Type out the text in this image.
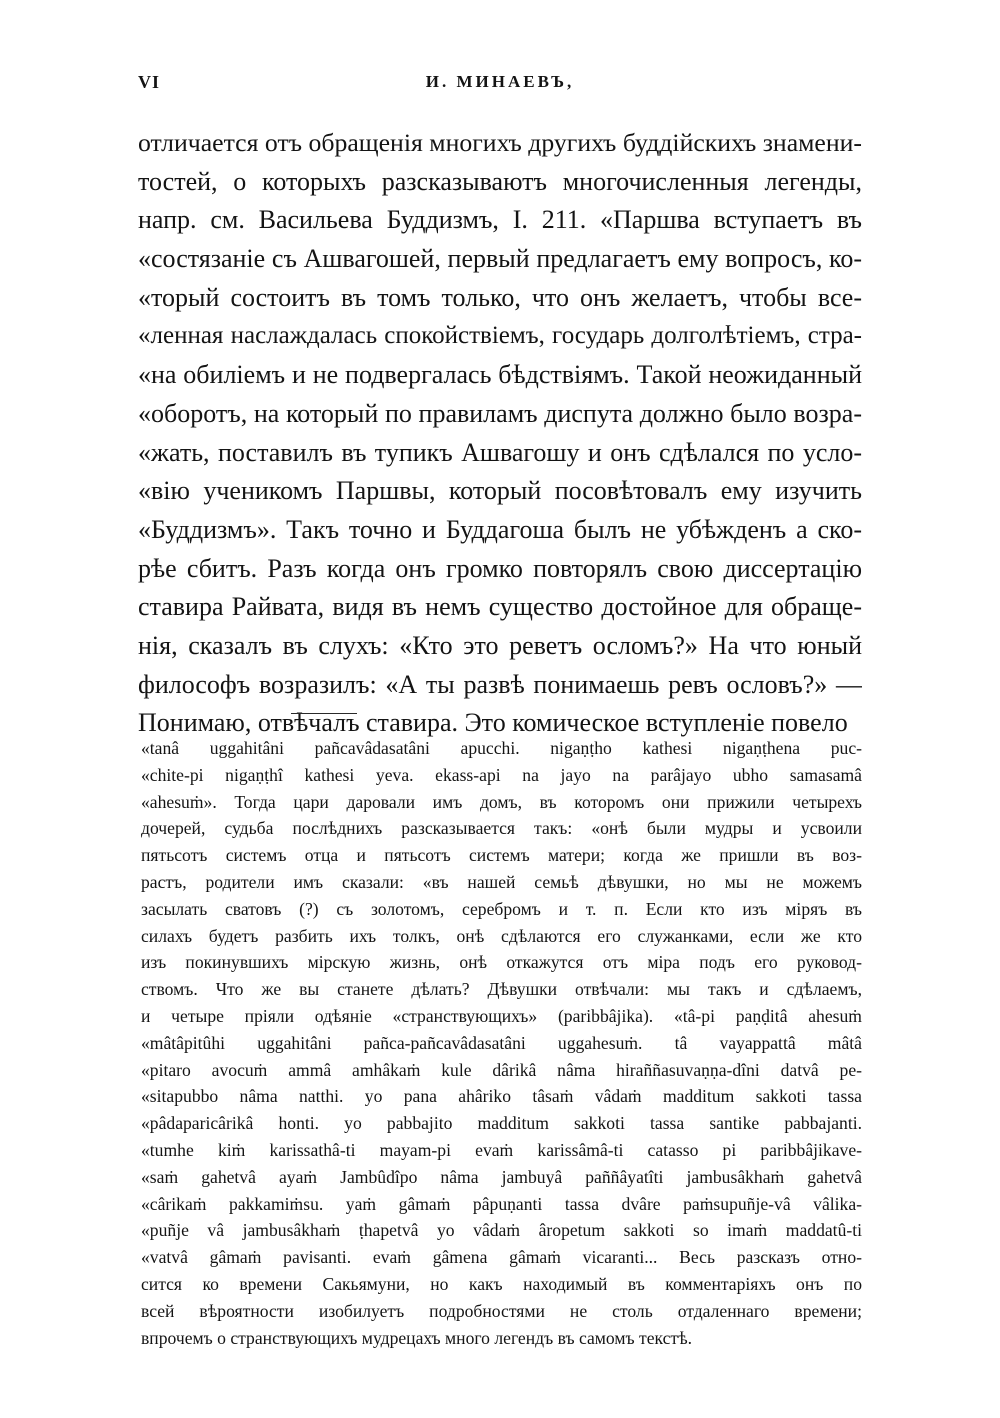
VI	И. МИНАЕВЪ,
отличается отъ обращенія многихъ другихъ буддійскихъ знамени-
тостей, о которыхъ разсказываютъ многочисленныя легенды,
напр. см. Васильева Буддизмъ, I. 211. «Паршва вступаетъ въ
«состязаніе съ Ашвагошей, первый предлагаетъ ему вопросъ, ко-
«торый состоитъ въ томъ только, что онъ желаетъ, чтобы все-
«ленная наслаждалась спокойствіемъ, государь долголѣтіемъ, стра-
«на обиліемъ и не подвергалась бѣдствіямъ. Такой неожиданный
«оборотъ, на который по правиламъ диспута должно было возра-
«жать, поставилъ въ тупикъ Ашвагошу и онъ сдѣлался по усло-
«вію ученикомъ Паршвы, который посовѣтовалъ ему изучить
«Буддизмъ». Такъ точно и Буддагоша былъ не убѣжденъ а ско-
рѣе сбитъ. Разъ когда онъ громко повторялъ свою диссертацію
ставира Райвата, видя въ немъ существо достойное для обраще-
нія, сказалъ въ слухъ: «Кто это реветъ осломъ?» На что юный
философъ возразилъ: «А ты развѣ понимаешь ревъ ословъ?» —
Понимаю, отвѣчалъ ставира. Это комическое вступленіе повело
«tanâ uggahitâni pañcavâdasatâni apucchi. nigaṇṭho kathesi nigaṇṭhena puc-
«chite-pi nigaṇṭhî kathesi yeva. ekass-api na jayo na parâjayo ubho samasamâ
«ahesuṁ». Тогда цари даровали имъ домъ, въ которомъ они прижили четырехъ
дочерей, судьба послѣднихъ разсказывается такъ: «онѣ были мудры и усвоили
пятьсотъ системъ отца и пятьсотъ системъ матери; когда же пришли въ воз-
растъ, родители имъ сказали: «въ нашей семьѣ дѣвушки, но мы не можемъ
засылать сватовъ (?) съ золотомъ, серебромъ и т. п. Если кто изъ міряъ въ
силахъ будетъ разбить ихъ толкъ, онѣ сдѣлаются его служанками, если же кто
изъ покинувшихъ мірскую жизнь, онѣ откажутся отъ міра подъ его руковод-
ствомъ. Что же вы станете дѣлать? Дѣвушки отвѣчали: мы такъ и сдѣлаемъ,
и четыре пріяли одѣяніе «странствующихъ» (paribbâjika). «tâ-pi paṇḍitâ ahesuṁ
«mâtâpitûhi uggahitâni pañca-pañcavâdasatâni uggahesuṁ. tâ vayappattâ mâtâ
«pitaro avocuṁ ammâ amhâkaṁ kule dârikâ nâma hiraññasuvaṇṇa-dîni datvâ pe-
«sitapubbo nâma natthi. yo pana ahâriko tâsaṁ vâdaṁ madditum sakkoti tassa
«pâdaparicârikâ honti. yo pabbajito madditum sakkoti tassa santike pabbajanti.
«tumhe kiṁ karissathâ-ti mayam-pi evaṁ karissâmâ-ti catasso pi paribbâjikave-
«saṁ gahetvâ ayaṁ Jambûdîpo nâma jambuyâ paññâyatîti jambusâkhaṁ gahetvâ
«cârikaṁ pakkamiṁsu. yaṁ gâmaṁ pâpuṇanti tassa dvâre paṁsupuñje-vâ vâlika-
«puñje vâ jambusâkhaṁ ṭhapetvâ yo vâdaṁ âropetum sakkoti so imaṁ maddatû-ti
«vatvâ gâmaṁ pavisanti. evaṁ gâmena gâmaṁ vicaranti... Весь разсказъ отно-
сится ко времени Сакьямуни, но какъ находимый въ комментаріяхъ онъ по
всей вѣроятности изобилуетъ подробностями не столь отдаленнаго времени;
впрочемъ о странствующихъ мудрецахъ много легендъ въ самомъ текстѣ.
